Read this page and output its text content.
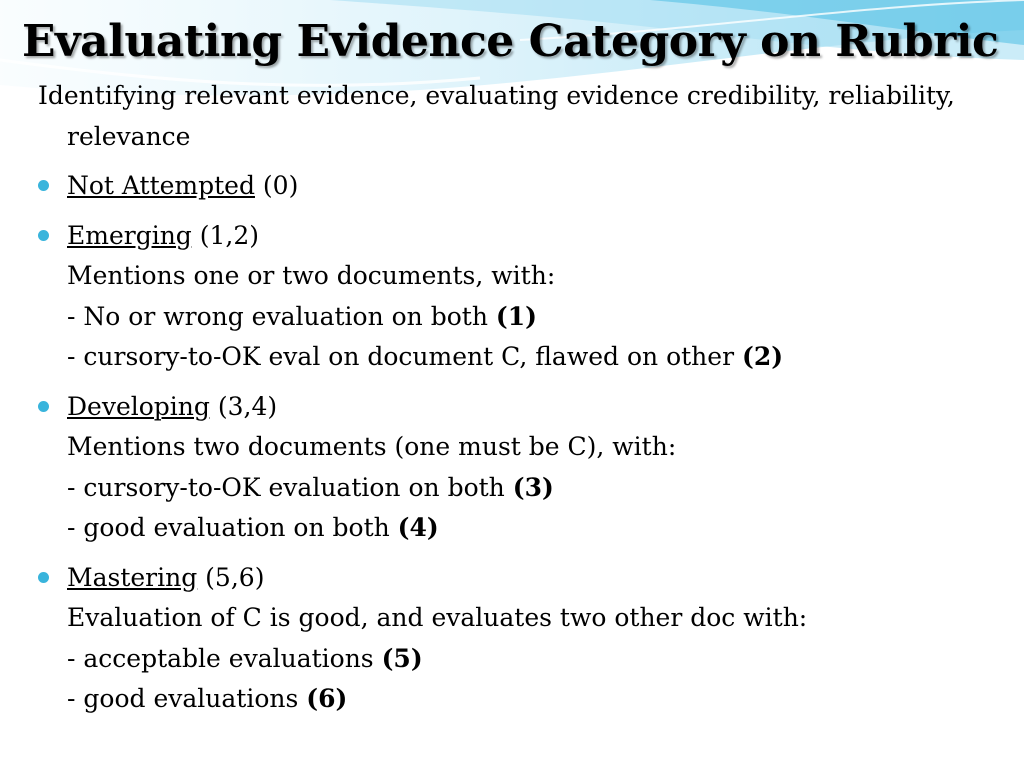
Evaluating Evidence Category on Rubric

Identifying relevant evidence, evaluating evidence credibility, reliability, relevance

Not Attempted (0)
Emerging (1,2)
Mentions one or two documents, with:
- No or wrong evaluation on both (1)
- cursory-to-OK eval on document C, flawed on other (2)
Developing (3,4)
Mentions two documents (one must be C), with:
- cursory-to-OK evaluation on both (3)
- good evaluation on both (4)
Mastering (5,6)
Evaluation of C is good, and evaluates two other doc with:
- acceptable evaluations (5)
- good evaluations (6)
